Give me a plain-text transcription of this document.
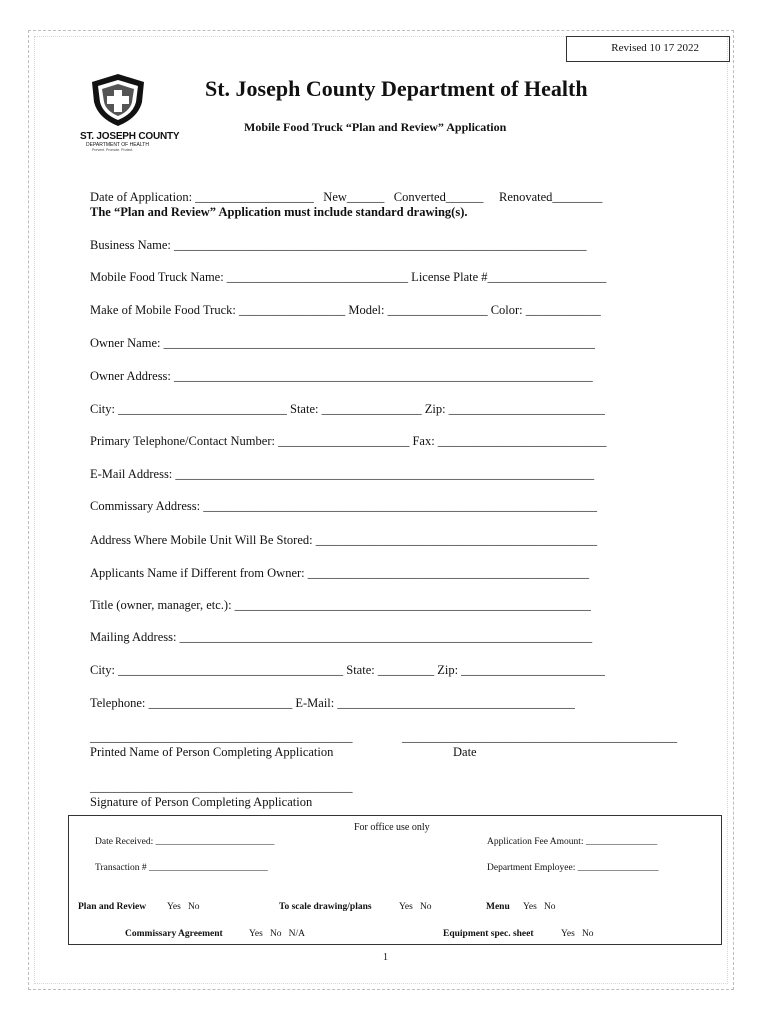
Revised 10 17 2022
ST. JOSEPH COUNTY
DEPARTMENT OF HEALTH
Prevent. Promote. Protect.
St. Joseph County Department of Health
Mobile Food Truck “Plan and Review” Application
Date of Application: ___________________   New______   Converted______     Renovated________
The “Plan and Review” Application must include standard drawing(s).
Business Name: __________________________________________________________________
Mobile Food Truck Name: _____________________________ License Plate #___________________
Make of Mobile Food Truck: _________________ Model: ________________ Color: ____________
Owner Name: _____________________________________________________________________
Owner Address: ___________________________________________________________________
City: ___________________________ State: ________________ Zip: _________________________
Primary Telephone/Contact Number: _____________________ Fax: ___________________________
E-Mail Address: ___________________________________________________________________
Commissary Address: _______________________________________________________________
Address Where Mobile Unit Will Be Stored: _____________________________________________
Applicants Name if Different from Owner: _____________________________________________
Title (owner, manager, etc.): _________________________________________________________
Mailing Address: __________________________________________________________________
City: ____________________________________ State: _________ Zip: _______________________
Telephone: _______________________ E-Mail: ______________________________________
__________________________________________	____________________________________________
Printed Name of Person Completing Application	Date
__________________________________________
Signature of Person Completing Application
For office use only
Date Received: _________________________	Application Fee Amount: _______________
Transaction # _________________________	Department Employee: _________________
Plan and Review Yes   No	To scale drawing/plans	Yes   No	Menu Yes   No
Commissary Agreement	Yes   No   N/A	Equipment spec. sheet	Yes   No
1
